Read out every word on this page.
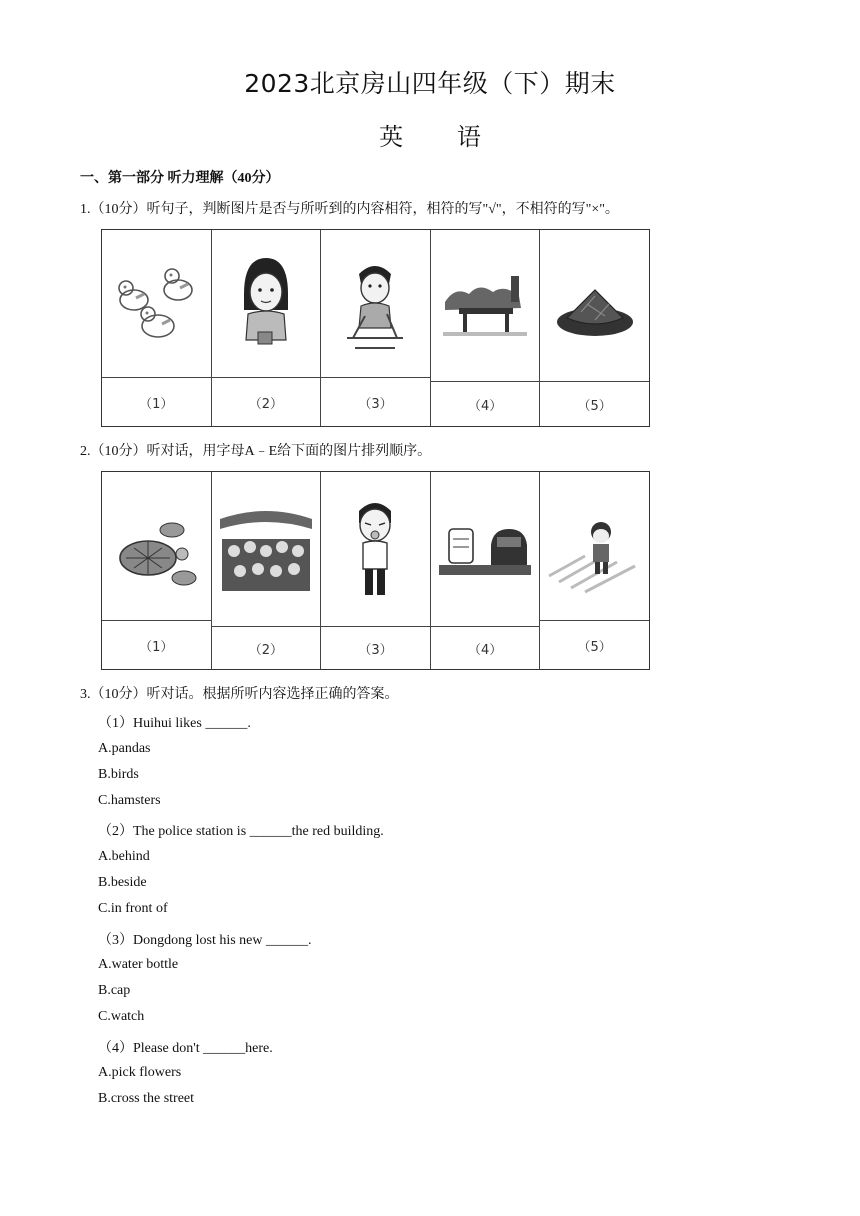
2023北京房山四年级（下）期末
英 语
一、第一部分 听力理解（40分）
1.（10分）听句子，判断图片是否与所听到的内容相符，相符的写"√"，不相符的写"×"。
（1）	（2）	（3）	（4）	（5）
2.（10分）听对话，用字母A﹣E给下面的图片排列顺序。
（1）	（2）	（3）	（4）	（5）
3.（10分）听对话。根据所听内容选择正确的答案。
（1）Huihui likes ______.
A.pandas
B.birds
C.hamsters
（2）The police station is ______the red building.
A.behind
B.beside
C.in front of
（3）Dongdong lost his new ______.
A.water bottle
B.cap
C.watch
（4）Please don't ______here.
A.pick flowers
B.cross the street
